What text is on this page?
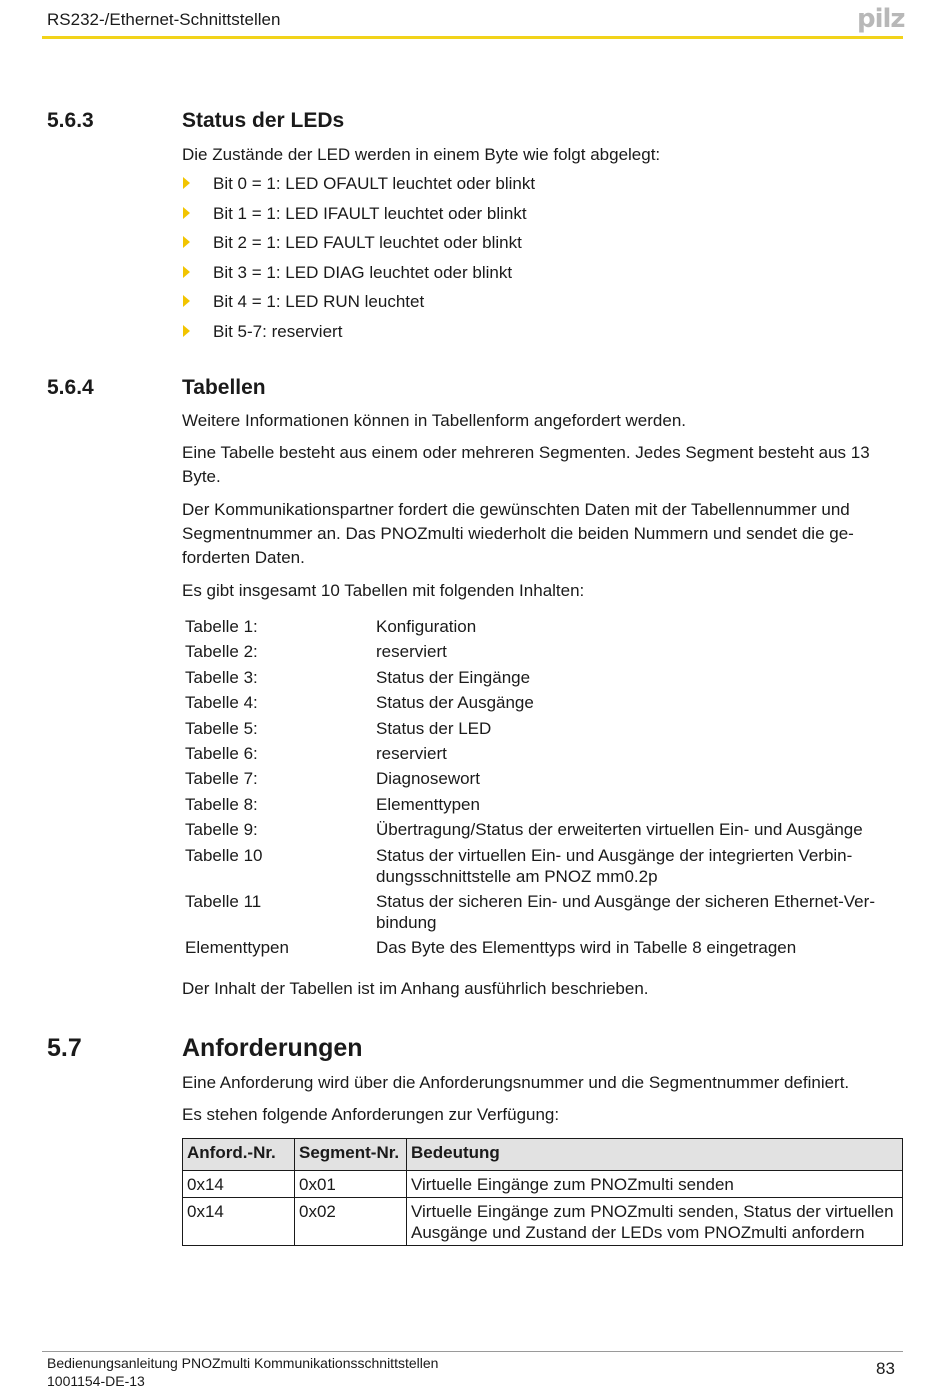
RS232-/Ethernet-Schnittstellen	pilz
5.6.3	Status der LEDs
Die Zustände der LED werden in einem Byte wie folgt abgelegt:
Bit 0 = 1: LED OFAULT leuchtet oder blinkt
Bit 1 = 1: LED IFAULT leuchtet oder blinkt
Bit 2 = 1: LED FAULT leuchtet oder blinkt
Bit 3 = 1: LED DIAG leuchtet oder blinkt
Bit 4 = 1: LED RUN leuchtet
Bit 5-7: reserviert
5.6.4	Tabellen
Weitere Informationen können in Tabellenform angefordert werden.
Eine Tabelle besteht aus einem oder mehreren Segmenten. Jedes Segment besteht aus 13 Byte.
Der Kommunikationspartner fordert die gewünschten Daten mit der Tabellennummer und Segmentnummer an. Das PNOZmulti wiederholt die beiden Nummern und sendet die geforderten Daten.
Es gibt insgesamt 10 Tabellen mit folgenden Inhalten:
Tabelle 1:	Konfiguration
Tabelle 2:	reserviert
Tabelle 3:	Status der Eingänge
Tabelle 4:	Status der Ausgänge
Tabelle 5:	Status der LED
Tabelle 6:	reserviert
Tabelle 7:	Diagnosewort
Tabelle 8:	Elementtypen
Tabelle 9:	Übertragung/Status der erweiterten virtuellen Ein- und Ausgänge
Tabelle 10	Status der virtuellen Ein- und Ausgänge der integrierten Verbindungsschnittstelle am PNOZ mm0.2p
Tabelle 11	Status der sicheren Ein- und Ausgänge der sicheren Ethernet-Verbindung
Elementtypen	Das Byte des Elementtyps wird in Tabelle 8 eingetragen
Der Inhalt der Tabellen ist im Anhang ausführlich beschrieben.
5.7	Anforderungen
Eine Anforderung wird über die Anforderungsnummer und die Segmentnummer definiert.
Es stehen folgende Anforderungen zur Verfügung:
Anford.-Nr.	Segment-Nr.	Bedeutung
0x14	0x01	Virtuelle Eingänge zum PNOZmulti senden
0x14	0x02	Virtuelle Eingänge zum PNOZmulti senden, Status der virtuellen Ausgänge und Zustand der LEDs vom PNOZmulti anfordern
Bedienungsanleitung PNOZmulti Kommunikationsschnittstellen
1001154-DE-13
83
